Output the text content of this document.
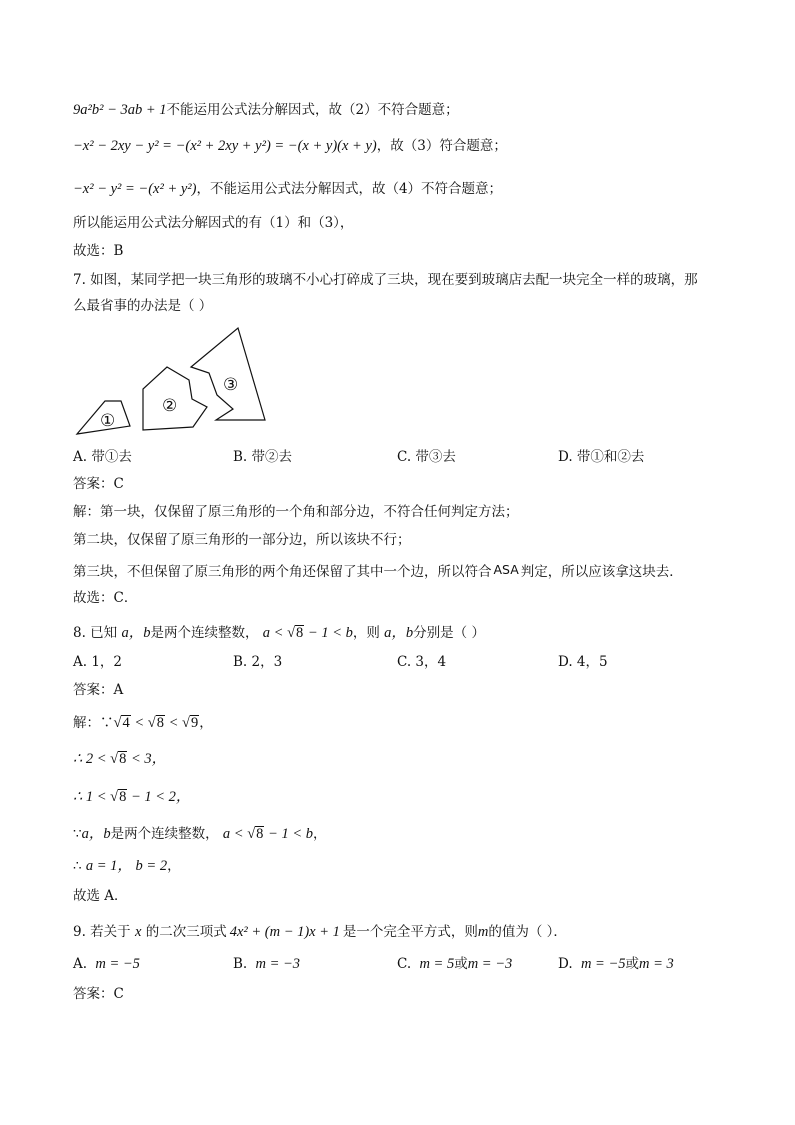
9a²b² − 3ab + 1不能运用公式法分解因式，故（2）不符合题意；
−x² − 2xy − y² = −(x² + 2xy + y²) = −(x + y)(x + y)，故（3）符合题意；
−x² − y² = −(x² + y²)，不能运用公式法分解因式，故（4）不符合题意；
所以能运用公式法分解因式的有（1）和（3），
故选：B
7. 如图，某同学把一块三角形的玻璃不小心打碎成了三块，现在要到玻璃店去配一块完全一样的玻璃，那
么最省事的办法是（ ）
①
②
③
A. 带①去	B. 带②去	C. 带③去	D. 带①和②去
答案：C
解：第一块，仅保留了原三角形的一个角和部分边，不符合任何判定方法；
第二块，仅保留了原三角形的一部分边，所以该块不行；
第三块，不但保留了原三角形的两个角还保留了其中一个边，所以符合 ASA 判定，所以应该拿这块去．
故选：C．
8. 已知 a，b是两个连续整数， a < √8 − 1 < b，则 a，b分别是（ ）
A. 1，2	B. 2，3	C. 3，4	D. 4，5
答案：A
解：∵√4 < √8 < √9，
∴ 2 < √8 < 3，
∴ 1 < √8 − 1 < 2，
∵a，b是两个连续整数， a < √8 − 1 < b，
∴ a = 1， b = 2，
故选 A．
9. 若关于 x 的二次三项式 4x² + (m − 1)x + 1 是一个完全平方式，则m的值为（ ）．
A. m = −5	B. m = −3	C. m = 5或m = −3	D. m = −5或m = 3
答案：C
